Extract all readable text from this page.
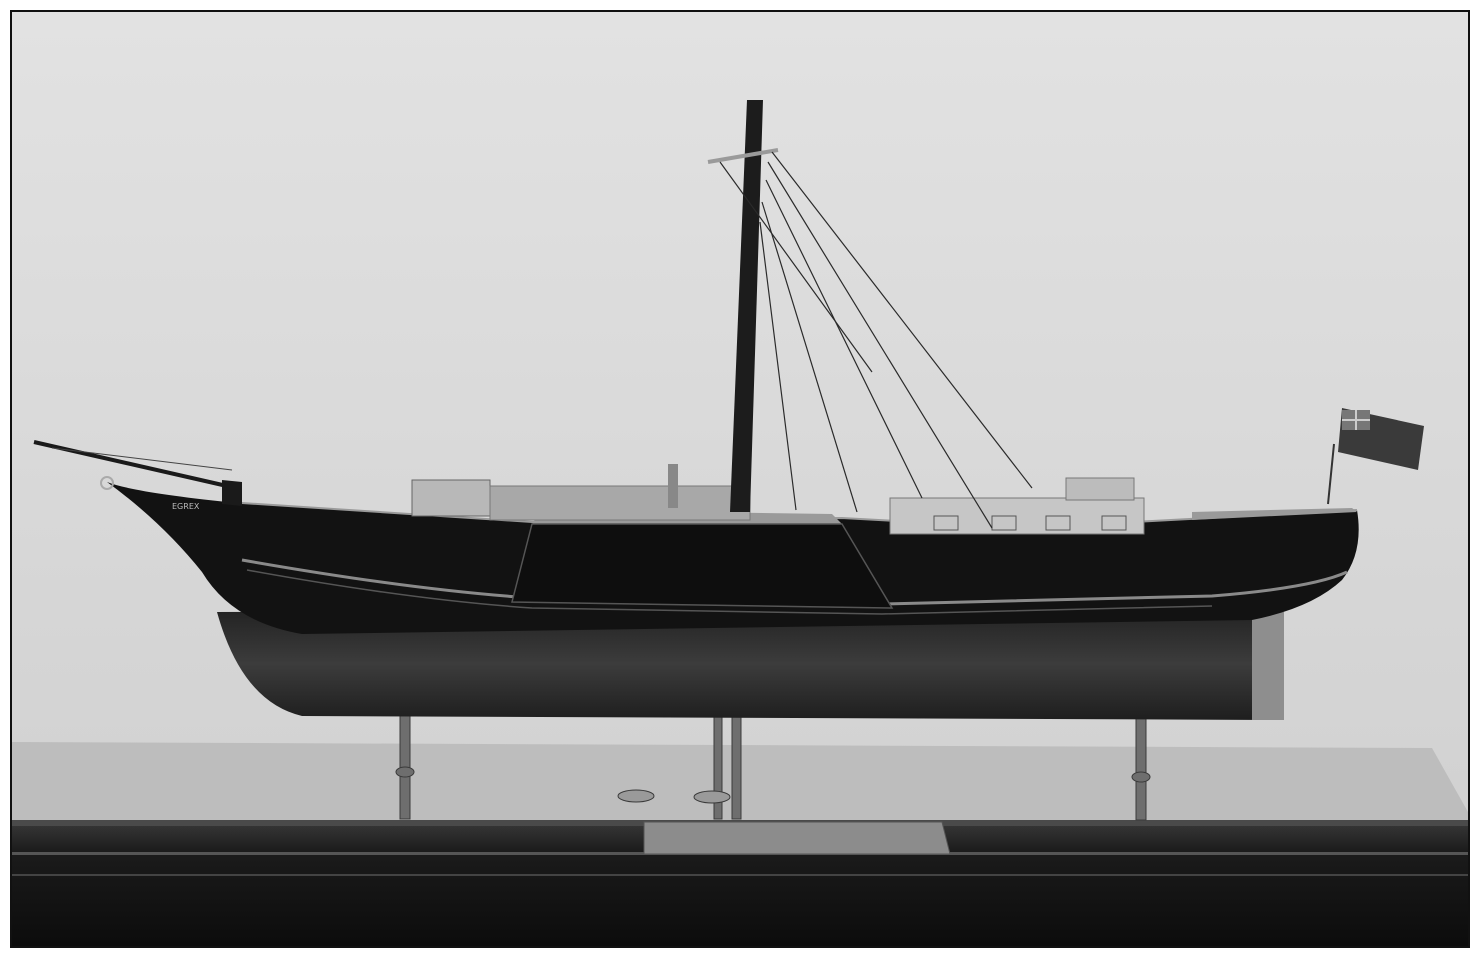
EGREX
